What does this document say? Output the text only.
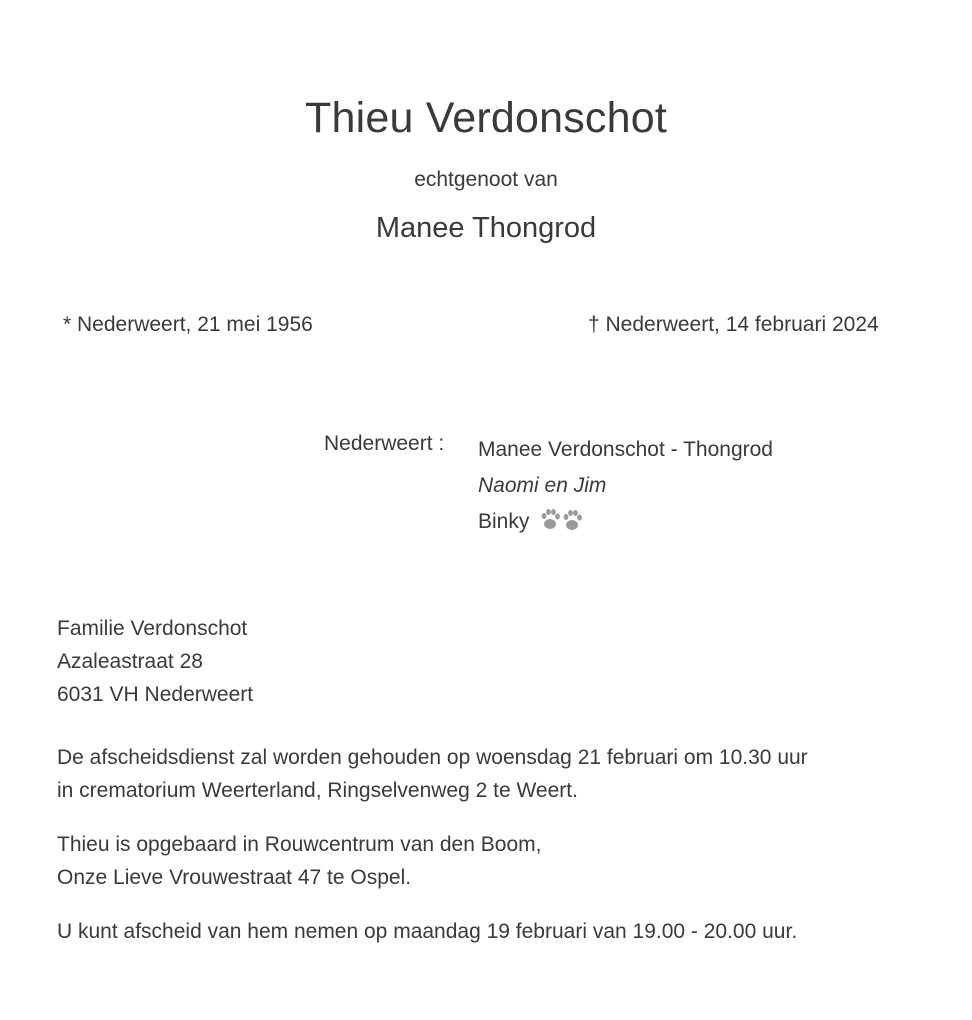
Thieu Verdonschot
echtgenoot van
Manee Thongrod
* Nederweert, 21 mei 1956	† Nederweert, 14 februari 2024
Nederweert : Manee Verdonschot - Thongrod
Naomi en Jim
Binky
Familie Verdonschot
Azaleastraat 28
6031 VH Nederweert
De afscheidsdienst zal worden gehouden op woensdag 21 februari om 10.30 uur
in crematorium Weerterland, Ringselvenweg 2 te Weert.
Thieu is opgebaard in Rouwcentrum van den Boom,
Onze Lieve Vrouwestraat 47 te Ospel.
U kunt afscheid van hem nemen op maandag 19 februari van 19.00 - 20.00 uur.
